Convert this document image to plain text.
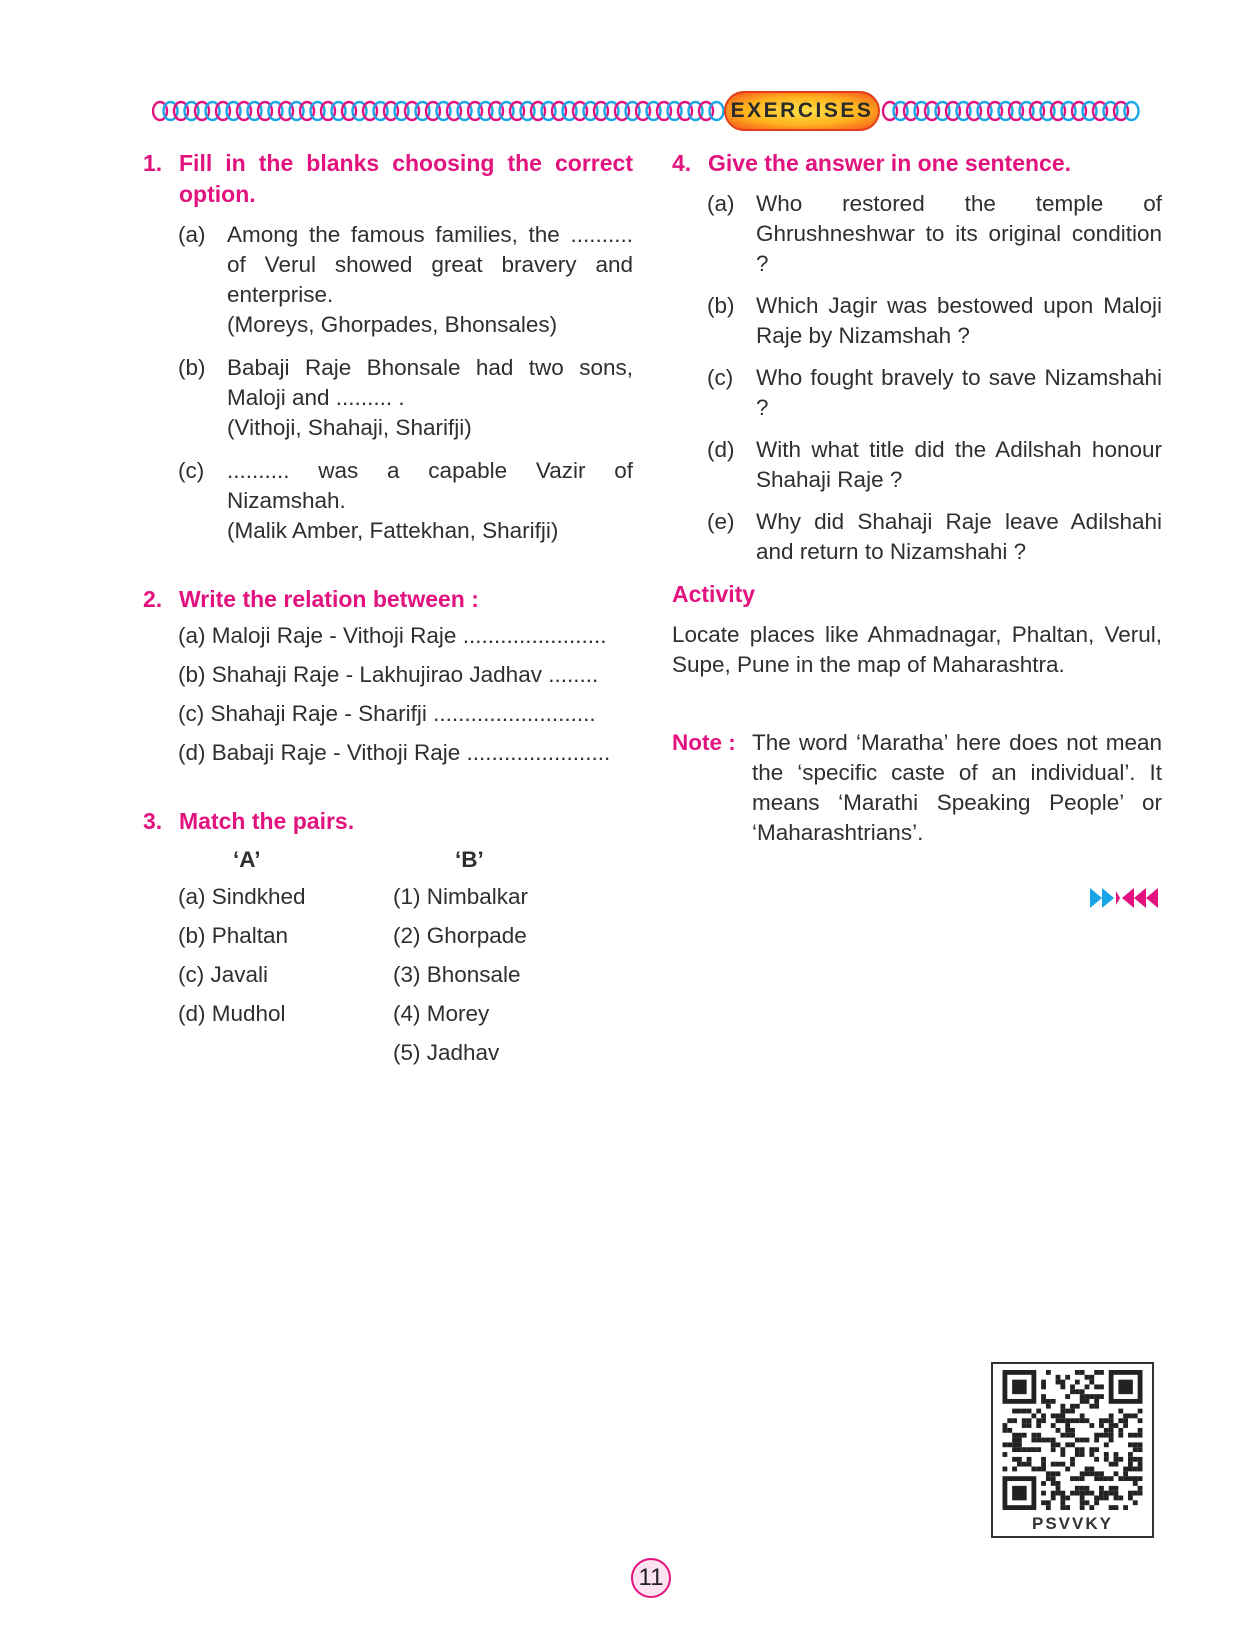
EXERCISES
1. Fill in the blanks choosing the correct option.
(a) Among the famous families, the .......... of Verul showed great bravery and enterprise.
(Moreys, Ghorpades, Bhonsales)
(b) Babaji Raje Bhonsale had two sons, Maloji and ......... .
(Vithoji, Shahaji, Sharifji)
(c)	.......... was a capable Vazir of Nizamshah.
(Malik Amber, Fattekhan, Sharifji)
2. Write the relation between :
(a) Maloji Raje - Vithoji Raje .......................
(b) Shahaji Raje - Lakhujirao Jadhav ........
(c) Shahaji Raje - Sharifji ..........................
(d) Babaji Raje - Vithoji Raje .......................
3. Match the pairs.
‘A’	‘B’
(a) Sindkhed	(1) Nimbalkar
(b) Phaltan	(2) Ghorpade
(c) Javali	(3) Bhonsale
(d) Mudhol	(4) Morey
(5) Jadhav
4. Give the answer in one sentence.
(a) Who restored the temple of Ghrushneshwar to its original condition ?
(b) Which Jagir was bestowed upon Maloji Raje by Nizamshah ?
(c)	Who fought bravely to save Nizamshahi ?
(d) With what title did the Adilshah honour Shahaji Raje ?
(e) Why did Shahaji Raje leave Adilshahi and return to Nizamshahi ?
Activity
Locate places like Ahmadnagar, Phaltan, Verul, Supe, Pune in the map of Maharashtra.
Note : The word ‘Maratha’ here does not mean the ‘specific caste of an individual’. It means ‘Marathi Speaking People’ or ‘Maharashtrians’.
PSVVKY
11
